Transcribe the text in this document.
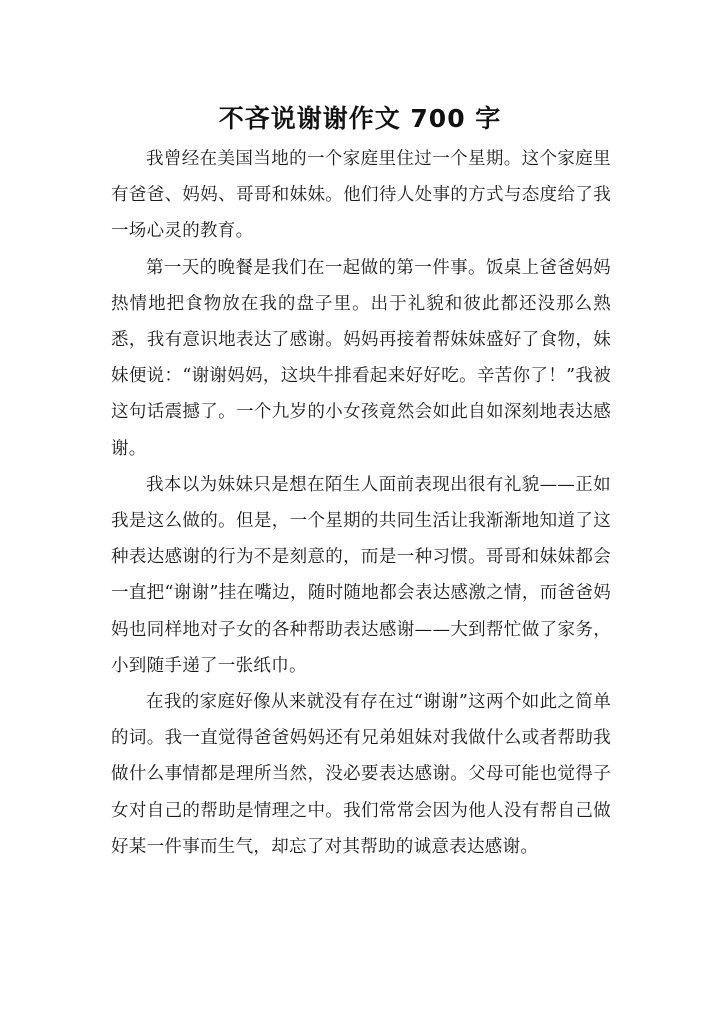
不吝说谢谢作文 700 字

我曾经在美国当地的一个家庭里住过一个星期。这个家庭里有爸爸、妈妈、哥哥和妹妹。他们待人处事的方式与态度给了我一场心灵的教育。

第一天的晚餐是我们在一起做的第一件事。饭桌上爸爸妈妈热情地把食物放在我的盘子里。出于礼貌和彼此都还没那么熟悉，我有意识地表达了感谢。妈妈再接着帮妹妹盛好了食物，妹妹便说：“谢谢妈妈，这块牛排看起来好好吃。辛苦你了！”我被这句话震撼了。一个九岁的小女孩竟然会如此自如深刻地表达感谢。

我本以为妹妹只是想在陌生人面前表现出很有礼貌——正如我是这么做的。但是，一个星期的共同生活让我渐渐地知道了这种表达感谢的行为不是刻意的，而是一种习惯。哥哥和妹妹都会一直把“谢谢”挂在嘴边，随时随地都会表达感激之情，而爸爸妈妈也同样地对子女的各种帮助表达感谢——大到帮忙做了家务，小到随手递了一张纸巾。

在我的家庭好像从来就没有存在过“谢谢”这两个如此之简单的词。我一直觉得爸爸妈妈还有兄弟姐妹对我做什么或者帮助我做什么事情都是理所当然，没必要表达感谢。父母可能也觉得子女对自己的帮助是情理之中。我们常常会因为他人没有帮自己做好某一件事而生气，却忘了对其帮助的诚意表达感谢。
